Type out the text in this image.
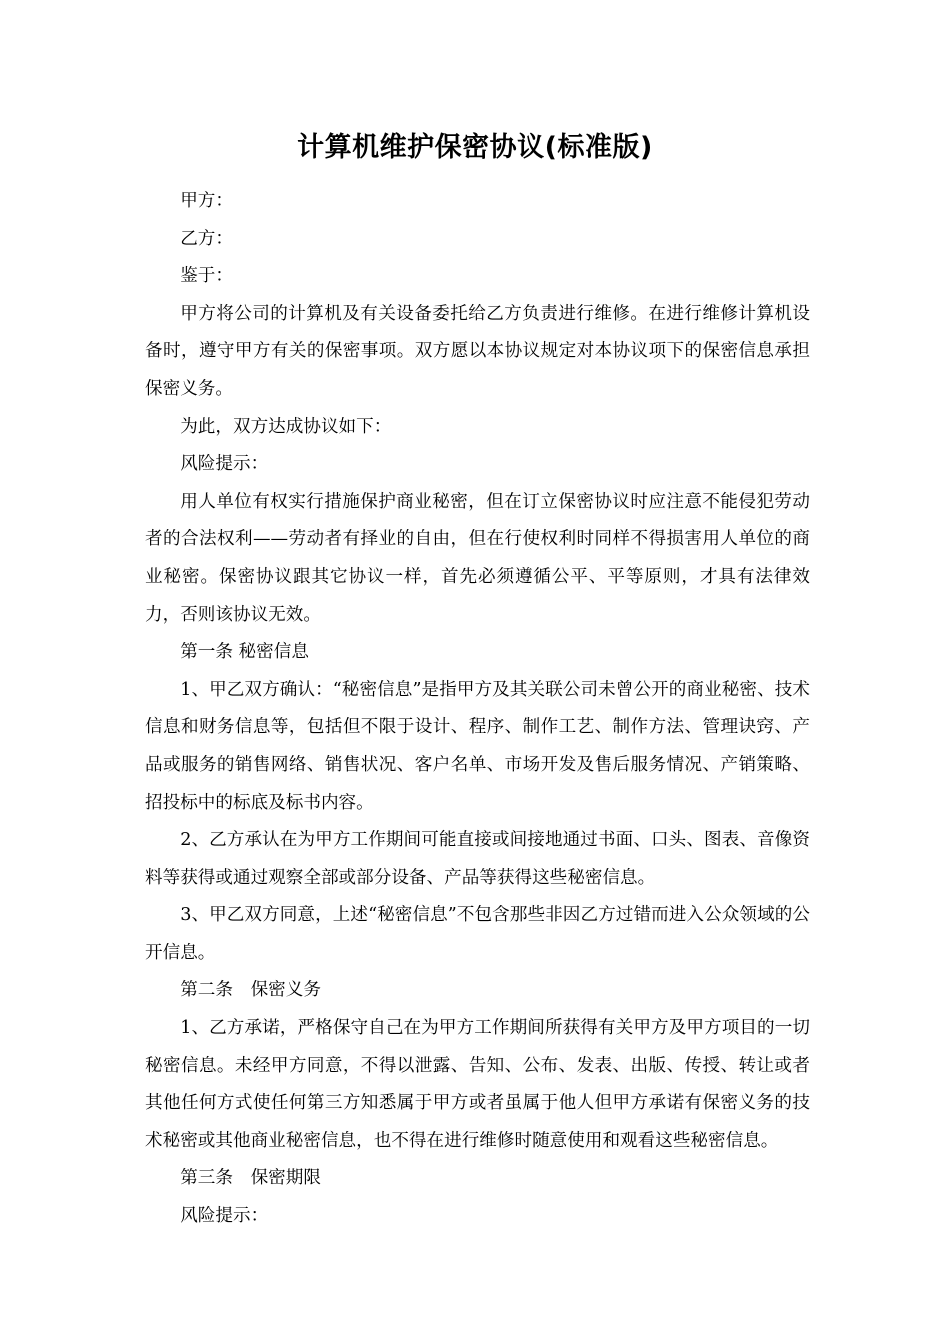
计算机维护保密协议(标准版)

甲方：

乙方：

鉴于：

甲方将公司的计算机及有关设备委托给乙方负责进行维修。在进行维修计算机设备时，遵守甲方有关的保密事项。双方愿以本协议规定对本协议项下的保密信息承担保密义务。

为此，双方达成协议如下：

风险提示：

用人单位有权实行措施保护商业秘密，但在订立保密协议时应注意不能侵犯劳动者的合法权利——劳动者有择业的自由，但在行使权利时同样不得损害用人单位的商业秘密。保密协议跟其它协议一样，首先必须遵循公平、平等原则，才具有法律效力，否则该协议无效。

第一条 秘密信息

1、甲乙双方确认：“秘密信息”是指甲方及其关联公司未曾公开的商业秘密、技术信息和财务信息等，包括但不限于设计、程序、制作工艺、制作方法、管理诀窍、产品或服务的销售网络、销售状况、客户名单、市场开发及售后服务情况、产销策略、招投标中的标底及标书内容。

2、乙方承认在为甲方工作期间可能直接或间接地通过书面、口头、图表、音像资料等获得或通过观察全部或部分设备、产品等获得这些秘密信息。

3、甲乙双方同意，上述“秘密信息”不包含那些非因乙方过错而进入公众领域的公开信息。

第二条　保密义务

1、乙方承诺，严格保守自己在为甲方工作期间所获得有关甲方及甲方项目的一切秘密信息。未经甲方同意，不得以泄露、告知、公布、发表、出版、传授、转让或者其他任何方式使任何第三方知悉属于甲方或者虽属于他人但甲方承诺有保密义务的技术秘密或其他商业秘密信息，也不得在进行维修时随意使用和观看这些秘密信息。

第三条　保密期限

风险提示：
